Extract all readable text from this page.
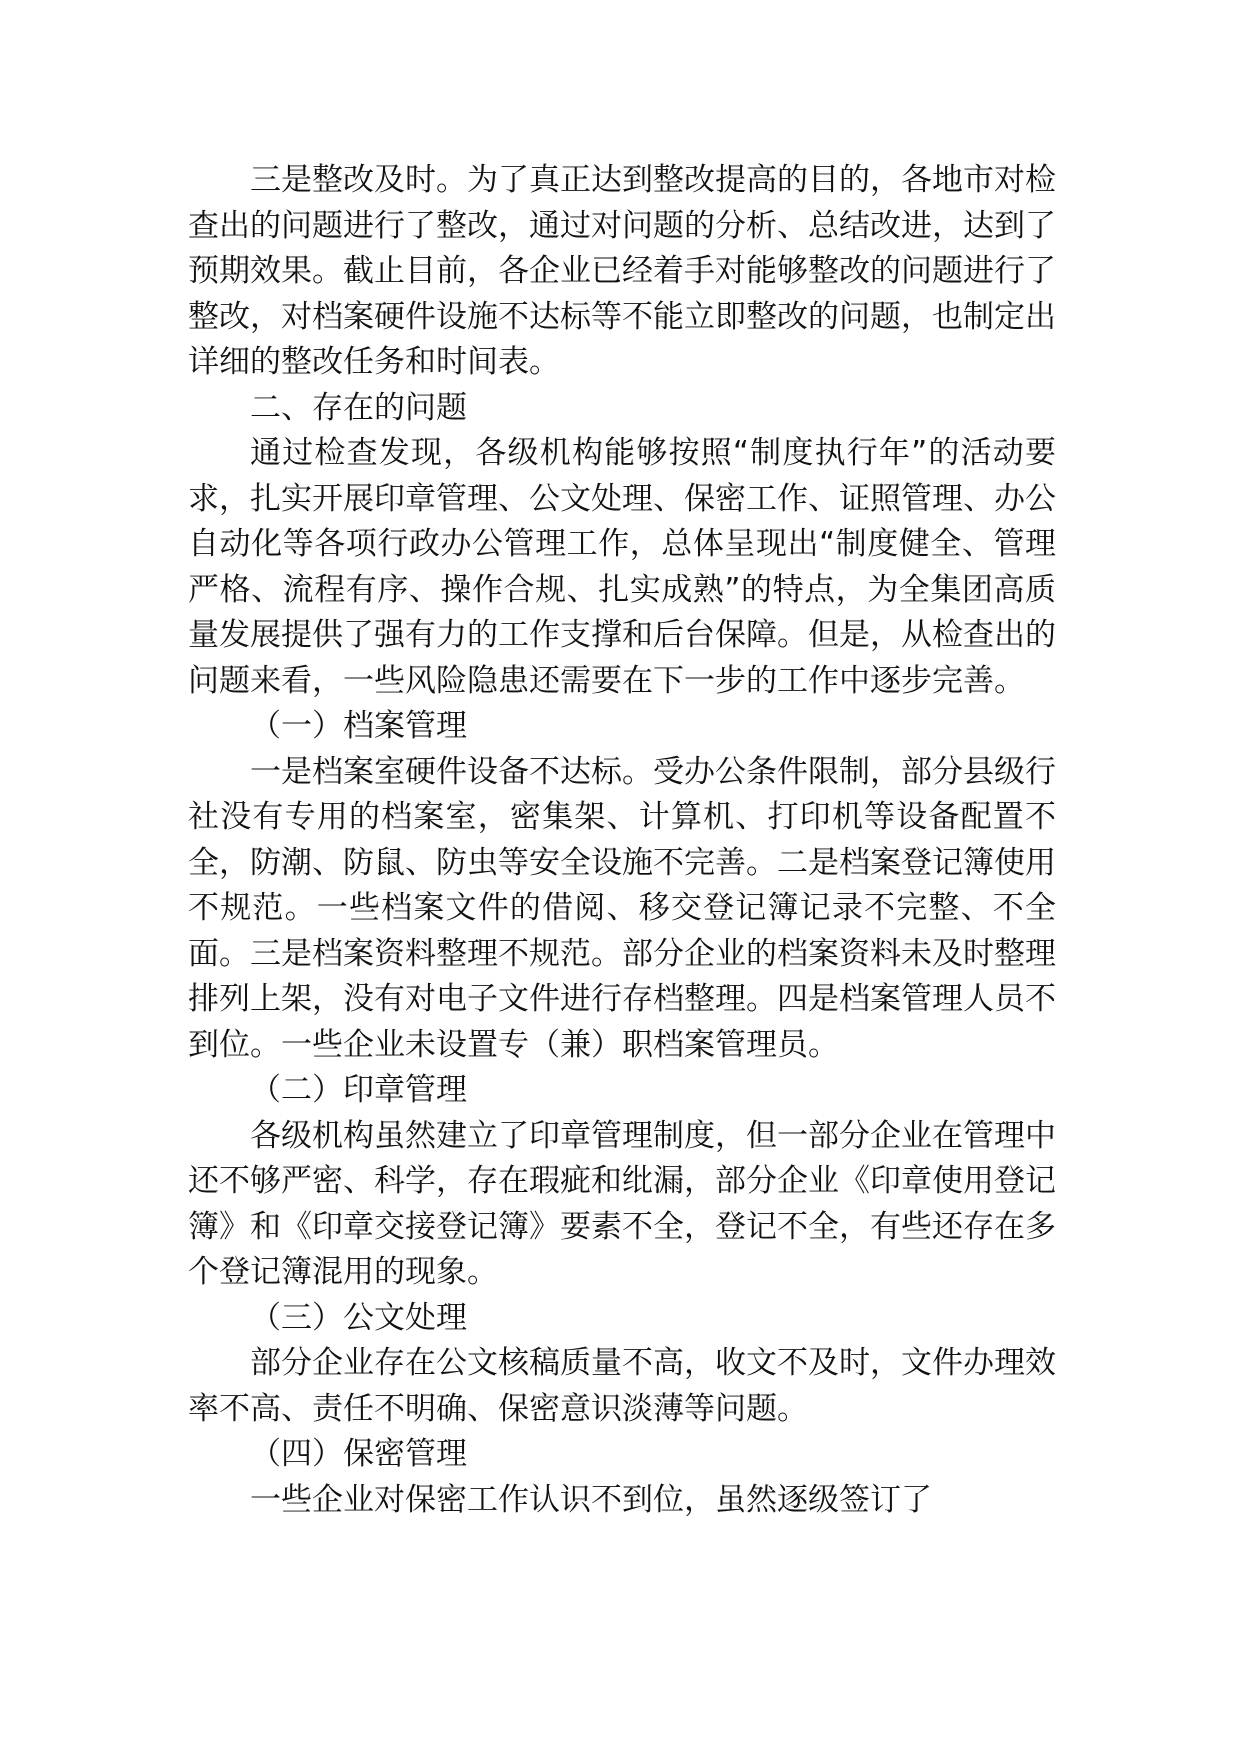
三是整改及时。为了真正达到整改提高的目的，各地市对检查出的问题进行了整改，通过对问题的分析、总结改进，达到了预期效果。截止目前，各企业已经着手对能够整改的问题进行了整改，对档案硬件设施不达标等不能立即整改的问题，也制定出详细的整改任务和时间表。

二、存在的问题

通过检查发现，各级机构能够按照“制度执行年”的活动要求，扎实开展印章管理、公文处理、保密工作、证照管理、办公自动化等各项行政办公管理工作，总体呈现出“制度健全、管理严格、流程有序、操作合规、扎实成熟”的特点，为全集团高质量发展提供了强有力的工作支撑和后台保障。但是，从检查出的问题来看，一些风险隐患还需要在下一步的工作中逐步完善。

（一）档案管理

一是档案室硬件设备不达标。受办公条件限制，部分县级行社没有专用的档案室，密集架、计算机、打印机等设备配置不全，防潮、防鼠、防虫等安全设施不完善。二是档案登记簿使用不规范。一些档案文件的借阅、移交登记簿记录不完整、不全面。三是档案资料整理不规范。部分企业的档案资料未及时整理排列上架，没有对电子文件进行存档整理。四是档案管理人员不到位。一些企业未设置专（兼）职档案管理员。

（二）印章管理

各级机构虽然建立了印章管理制度，但一部分企业在管理中还不够严密、科学，存在瑕疵和纰漏，部分企业《印章使用登记簿》和《印章交接登记簿》要素不全，登记不全，有些还存在多个登记簿混用的现象。

（三）公文处理

部分企业存在公文核稿质量不高，收文不及时，文件办理效率不高、责任不明确、保密意识淡薄等问题。

（四）保密管理

一些企业对保密工作认识不到位，虽然逐级签订了
